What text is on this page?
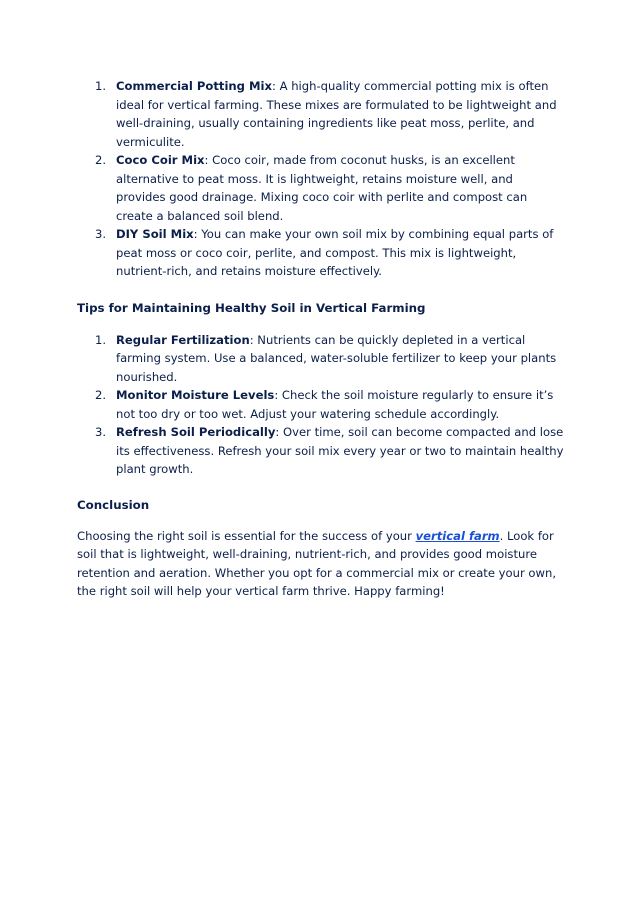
1. Commercial Potting Mix: A high-quality commercial potting mix is often ideal for vertical farming. These mixes are formulated to be lightweight and well-draining, usually containing ingredients like peat moss, perlite, and vermiculite.
2. Coco Coir Mix: Coco coir, made from coconut husks, is an excellent alternative to peat moss. It is lightweight, retains moisture well, and provides good drainage. Mixing coco coir with perlite and compost can create a balanced soil blend.
3. DIY Soil Mix: You can make your own soil mix by combining equal parts of peat moss or coco coir, perlite, and compost. This mix is lightweight, nutrient-rich, and retains moisture effectively.
Tips for Maintaining Healthy Soil in Vertical Farming
1. Regular Fertilization: Nutrients can be quickly depleted in a vertical farming system. Use a balanced, water-soluble fertilizer to keep your plants nourished.
2. Monitor Moisture Levels: Check the soil moisture regularly to ensure it’s not too dry or too wet. Adjust your watering schedule accordingly.
3. Refresh Soil Periodically: Over time, soil can become compacted and lose its effectiveness. Refresh your soil mix every year or two to maintain healthy plant growth.
Conclusion

Choosing the right soil is essential for the success of your vertical farm. Look for soil that is lightweight, well-draining, nutrient-rich, and provides good moisture retention and aeration. Whether you opt for a commercial mix or create your own, the right soil will help your vertical farm thrive. Happy farming!
